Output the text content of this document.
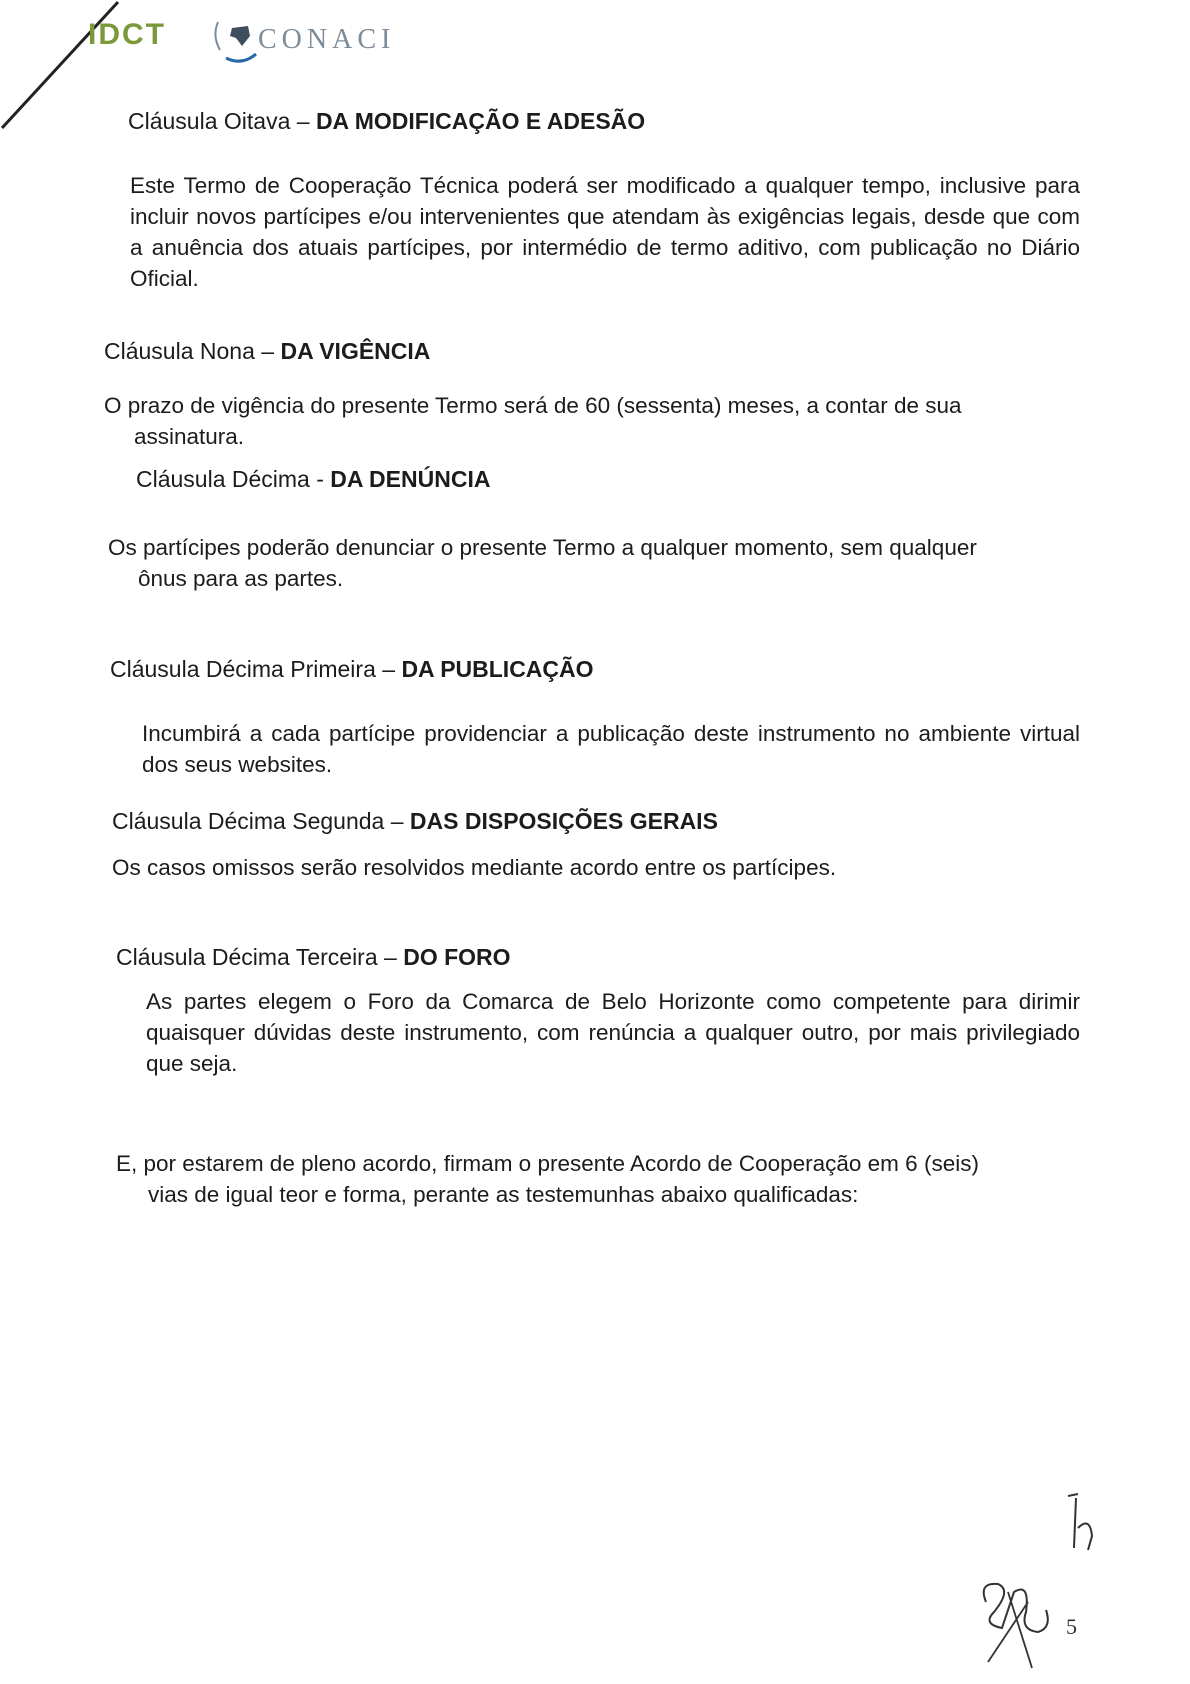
IDCT	CONACI
Cláusula Oitava – DA MODIFICAÇÃO E ADESÃO
Este Termo de Cooperação Técnica poderá ser modificado a qualquer tempo, inclusive para incluir novos partícipes e/ou intervenientes que atendam às exigências legais, desde que com a anuência dos atuais partícipes, por intermédio de termo aditivo, com publicação no Diário Oficial.
Cláusula Nona – DA VIGÊNCIA
O prazo de vigência do presente Termo será de 60 (sessenta) meses, a contar de sua
assinatura.
Cláusula Décima - DA DENÚNCIA
Os partícipes poderão denunciar o presente Termo a qualquer momento, sem qualquer
ônus para as partes.
Cláusula Décima Primeira – DA PUBLICAÇÃO
Incumbirá a cada partícipe providenciar a publicação deste instrumento no ambiente virtual dos seus websites.
Cláusula Décima Segunda – DAS DISPOSIÇÕES GERAIS
Os casos omissos serão resolvidos mediante acordo entre os partícipes.
Cláusula Décima Terceira – DO FORO
As partes elegem o Foro da Comarca de Belo Horizonte como competente para dirimir quaisquer dúvidas deste instrumento, com renúncia a qualquer outro, por mais privilegiado que seja.
E, por estarem de pleno acordo, firmam o presente Acordo de Cooperação em 6 (seis)
vias de igual teor e forma, perante as testemunhas abaixo qualificadas:
5
